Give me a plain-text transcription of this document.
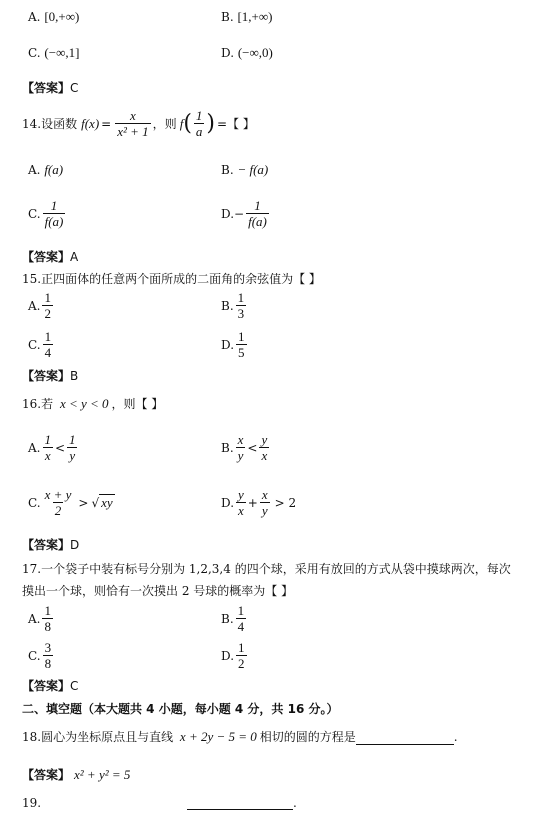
A. [0,+∞)	B. [1,+∞)
C. (−∞,1]	D. (−∞,0)
【答案】C
14. 设函数 $f(x) = \frac{x}{\text{x² + 1}}$ ，则 f ( $\frac{1}{a}$ ) =【 】
A. f(a)	B. − f(a)
C. $\frac{1}{f(a)}$	D. − $\frac{1}{f(a)}$
【答案】A
15.正四面体的任意两个面所成的二面角的余弦值为【 】
A. $\frac{1}{2}$	B. $\frac{1}{3}$
C. $\frac{1}{4}$	D. $\frac{1}{5}$
【答案】B
16.若 x < y < 0 ，则【 】
A. $\frac{1}{x} < \frac{1}{y}$	B. $\frac{x}{y} < \frac{y}{x}$
C. $\frac{x + y}{2}$ > √ xy	D. $\frac{y}{x} + \frac{x}{y} > 2$
【答案】D
17.一个袋子中装有标号分别为 1,2,3,4 的四个球，采用有放回的方式从袋中摸球两次，每次
摸出一个球，则恰有一次摸出 2 号球的概率为【 】
A. $\frac{1}{8}$	B. $\frac{1}{4}$
C. $\frac{3}{8}$	D. $\frac{1}{2}$
【答案】C
二、填空题（本大题共 4 小题，每小题 4 分，共 16 分。）
18.圆心为坐标原点且与直线 x + 2y − 5 = 0 相切的圆的方程是	.
【答案】 x² + y² = 5
19.	.
